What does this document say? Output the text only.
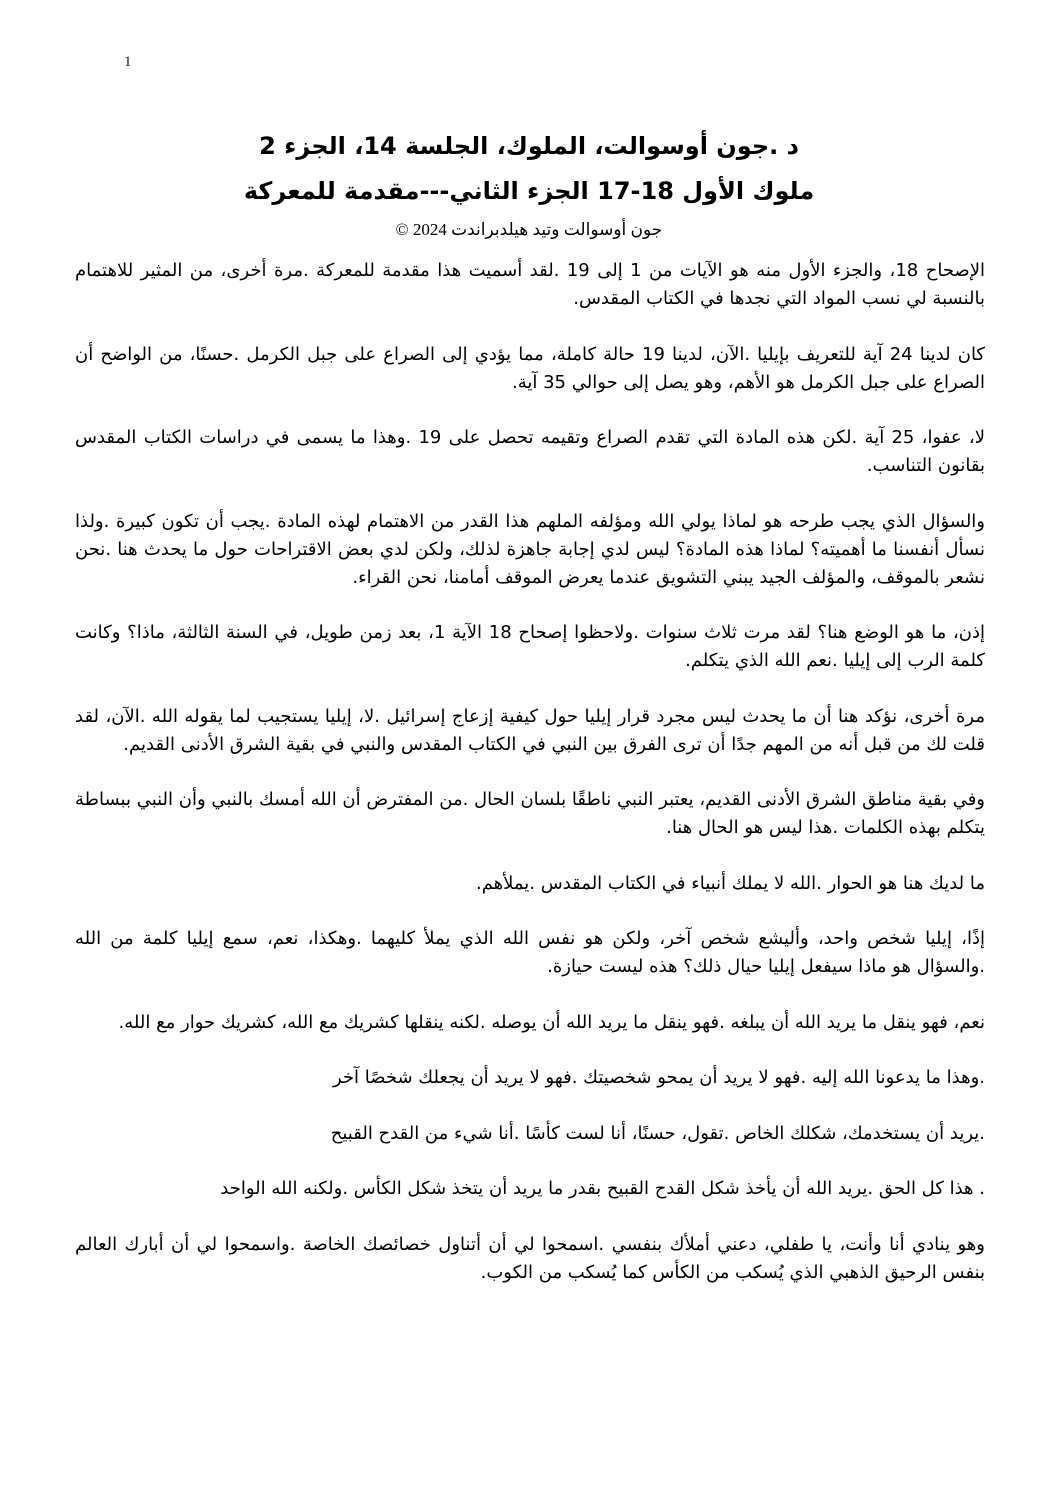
1
د .جون أوسوالت، الملوك، الجلسة 14، الجزء 2
ملوك الأول 18-17 الجزء الثاني---مقدمة للمعركة
جون أوسوالت وتيد هيلدبراندت 2024 ©

الإصحاح 18، والجزء الأول منه هو الآيات من 1 إلى 19 .لقد أسميت هذا مقدمة للمعركة .مرة أخرى، من المثير للاهتمام بالنسبة لي نسب المواد التي نجدها في الكتاب المقدس.

كان لدينا 24 آية للتعريف بإيليا .الآن، لدينا 19 حالة كاملة، مما يؤدي إلى الصراع على جبل الكرمل .حسنًا، من الواضح أن الصراع على جبل الكرمل هو الأهم، وهو يصل إلى حوالي 35 آية.

لا، عفوا، 25 آية .لكن هذه المادة التي تقدم الصراع وتقيمه تحصل على 19 .وهذا ما يسمى في دراسات الكتاب المقدس بقانون التناسب.

والسؤال الذي يجب طرحه هو لماذا يولي الله ومؤلفه الملهم هذا القدر من الاهتمام لهذه المادة .يجب أن تكون كبيرة .ولذا نسأل أنفسنا ما أهميته؟ لماذا هذه المادة؟ ليس لدي إجابة جاهزة لذلك، ولكن لدي بعض الاقتراحات حول ما يحدث هنا .نحن نشعر بالموقف، والمؤلف الجيد يبني التشويق عندما يعرض الموقف أمامنا، نحن القراء.

إذن، ما هو الوضع هنا؟ لقد مرت ثلاث سنوات .ولاحظوا إصحاح 18 الآية 1، بعد زمن طويل، في السنة الثالثة، ماذا؟ وكانت كلمة الرب إلى إيليا .نعم الله الذي يتكلم.

مرة أخرى، نؤكد هنا أن ما يحدث ليس مجرد قرار إيليا حول كيفية إزعاج إسرائيل .لا، إيليا يستجيب لما يقوله الله .الآن، لقد قلت لك من قبل أنه من المهم جدًا أن ترى الفرق بين النبي في الكتاب المقدس والنبي في بقية الشرق الأدنى القديم.

وفي بقية مناطق الشرق الأدنى القديم، يعتبر النبي ناطقًا بلسان الحال .من المفترض أن الله أمسك بالنبي وأن النبي ببساطة يتكلم بهذه الكلمات .هذا ليس هو الحال هنا.

ما لديك هنا هو الحوار .الله لا يملك أنبياء في الكتاب المقدس .يملأهم.

إذًا، إيليا شخص واحد، وأليشع شخص آخر، ولكن هو نفس الله الذي يملأ كليهما .وهكذا، نعم، سمع إيليا كلمة من الله .والسؤال هو ماذا سيفعل إيليا حيال ذلك؟ هذه ليست حيازة.

نعم، فهو ينقل ما يريد الله أن يبلغه .فهو ينقل ما يريد الله أن يوصله .لكنه ينقلها كشريك مع الله، كشريك حوار مع الله.

.وهذا ما يدعونا الله إليه .فهو لا يريد أن يمحو شخصيتك .فهو لا يريد أن يجعلك شخصًا آخر

.يريد أن يستخدمك، شكلك الخاص .تقول، حسنًا، أنا لست كأسًا .أنا شيء من القدح القبيح

. هذا كل الحق .يريد الله أن يأخذ شكل القدح القبيح بقدر ما يريد أن يتخذ شكل الكأس .ولكنه الله الواحد

وهو ينادي أنا وأنت، يا طفلي، دعني أملأك بنفسي .اسمحوا لي أن أتناول خصائصك الخاصة .واسمحوا لي أن أبارك العالم بنفس الرحيق الذهبي الذي يُسكب من الكأس كما يُسكب من الكوب.
